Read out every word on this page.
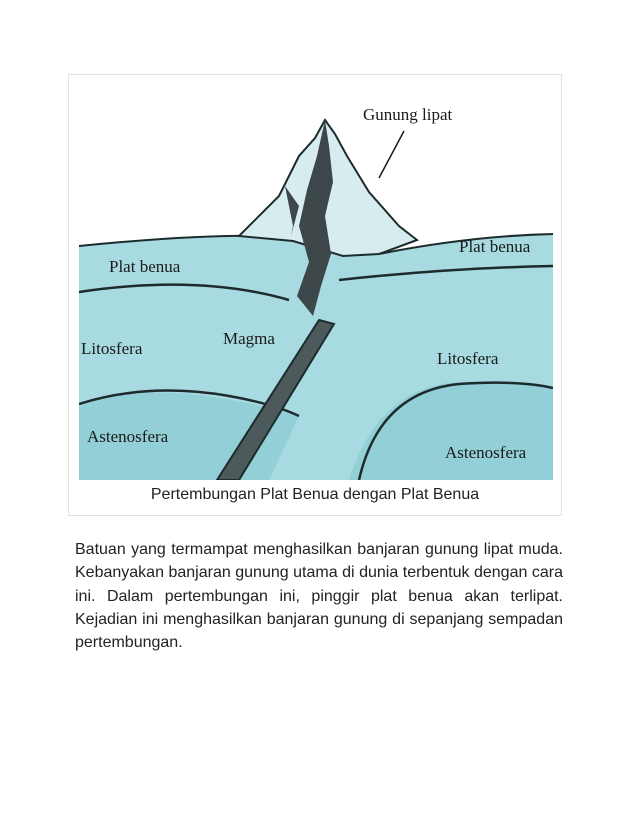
Gunung lipat
Plat benua
Plat benua
Litosfera
Litosfera
Magma
Astenosfera
Astenosfera
Pertembungan Plat Benua dengan Plat Benua

Batuan yang termampat menghasilkan banjaran gunung lipat muda. Kebanyakan banjaran gunung utama di dunia terbentuk dengan cara ini. Dalam pertembungan ini, pinggir plat benua akan terlipat. Kejadian ini menghasilkan banjaran gunung di sepanjang sempadan pertembungan.
